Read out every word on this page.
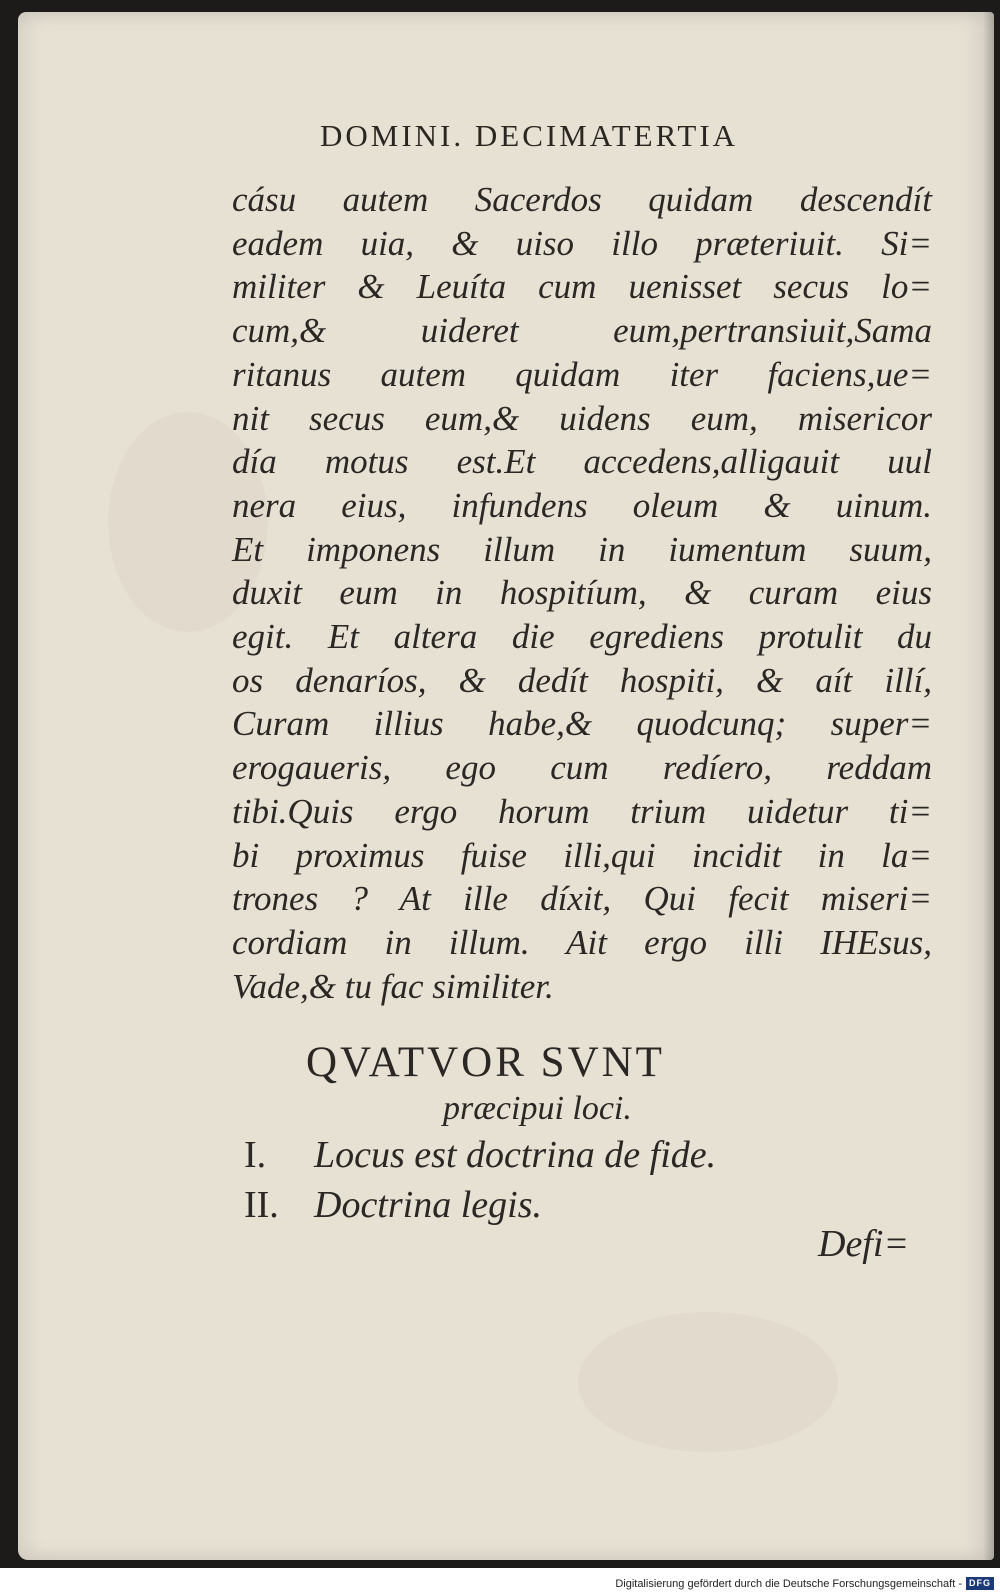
DOMINI. DECIMATERTIA
cásu autem Sacerdos quidam descendít
eadem uia, & uiso illo præteriuit. Si=
militer & Leuíta cum uenisset secus lo=
cum,& uideret eum,pertransiuit,Sama
ritanus autem quidam iter faciens,ue=
nit secus eum,& uidens eum, misericor
día motus est.Et accedens,alligauit uul
nera eius, infundens oleum & uinum.
Et imponens illum in iumentum suum,
duxit eum in hospitíum, & curam eius
egit. Et altera die egrediens protulit du
os denaríos, & dedít hospiti, & aít illí,
Curam illius habe,& quodcunq; super=
erogaueris, ego cum redíero, reddam
tibi.Quis ergo horum trium uidetur ti=
bi proximus fuise illi,qui incidit in la=
trones ? At ille díxit, Qui fecit miseri=
cordiam in illum. Ait ergo illi IHEsus,
Vade,& tu fac similiter.
QVATVOR SVNT

præcipui loci.

I. Locus est doctrina de fide.
II. Doctrina legis.

Defi=

Digitalisierung gefördert durch die Deutsche Forschungsgemeinschaft - DFG
